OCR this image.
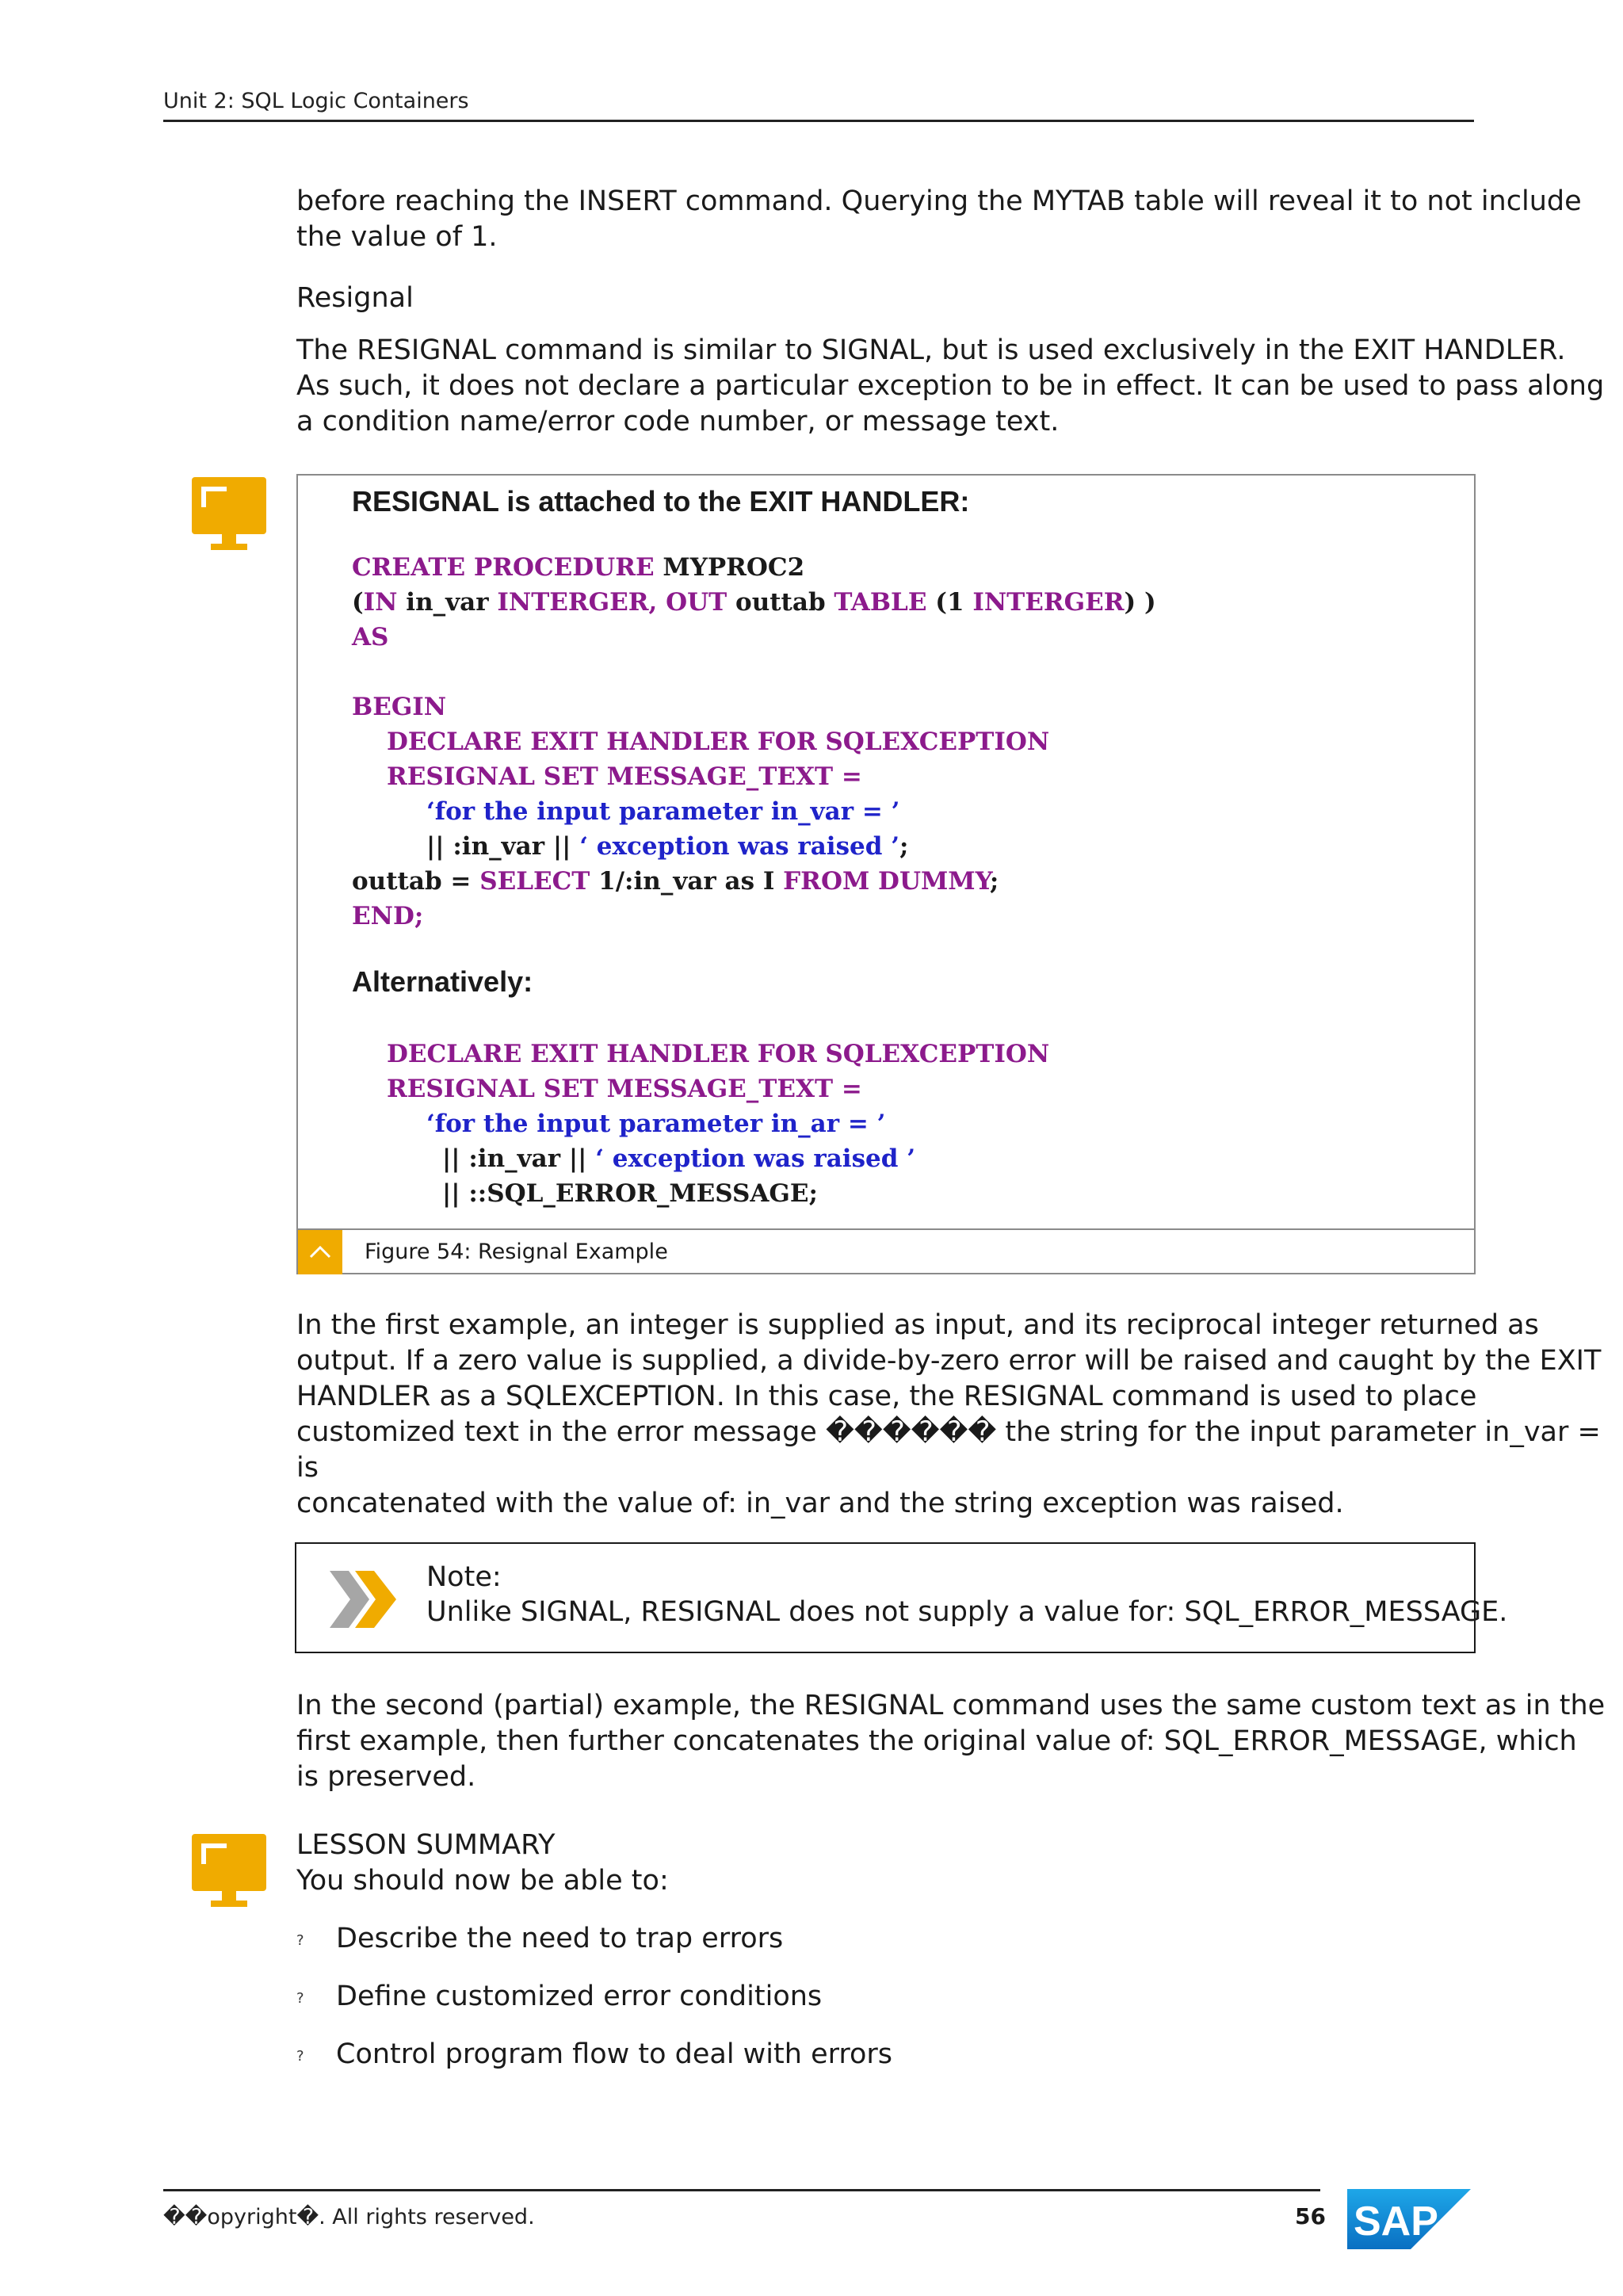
Unit 2: SQL Logic Containers

before reaching the INSERT command. Querying the MYTAB table will reveal it to not include
the value of 1.

Resignal

The RESIGNAL command is similar to SIGNAL, but is used exclusively in the EXIT HANDLER.
As such, it does not declare a particular exception to be in effect. It can be used to pass along
a condition name/error code number, or message text.

RESIGNAL is attached to the EXIT HANDLER:
CREATE PROCEDURE MYPROC2
(IN in_var INTERGER, OUT outtab TABLE (1 INTERGER) )
AS
BEGIN
DECLARE EXIT HANDLER FOR SQLEXCEPTION
RESIGNAL SET MESSAGE_TEXT =
‘for the input parameter in_var = ’
|| :in_var || ‘ exception was raised ’;
outtab = SELECT 1/:in_var as I FROM DUMMY;
END;
Alternatively:
DECLARE EXIT HANDLER FOR SQLEXCEPTION
RESIGNAL SET MESSAGE_TEXT =
‘for the input parameter in_ar = ’
|| :in_var || ‘ exception was raised ’
|| ::SQL_ERROR_MESSAGE;
Figure 54: Resignal Example

In the first example, an integer is supplied as input, and its reciprocal integer returned as
output. If a zero value is supplied, a divide-by-zero error will be raised and caught by the EXIT
HANDLER as a SQLEXCEPTION. In this case, the RESIGNAL command is used to place
customized text in the error message ������ the string for the input parameter in_var = is
concatenated with the value of: in_var and the string exception was raised.

Note:
Unlike SIGNAL, RESIGNAL does not supply a value for: SQL_ERROR_MESSAGE.

In the second (partial) example, the RESIGNAL command uses the same custom text as in the
first example, then further concatenates the original value of: SQL_ERROR_MESSAGE, which
is preserved.

LESSON SUMMARY
You should now be able to:

? Describe the need to trap errors
? Define customized error conditions
? Control program flow to deal with errors
��opyright�. All rights reserved.	56 SAP
